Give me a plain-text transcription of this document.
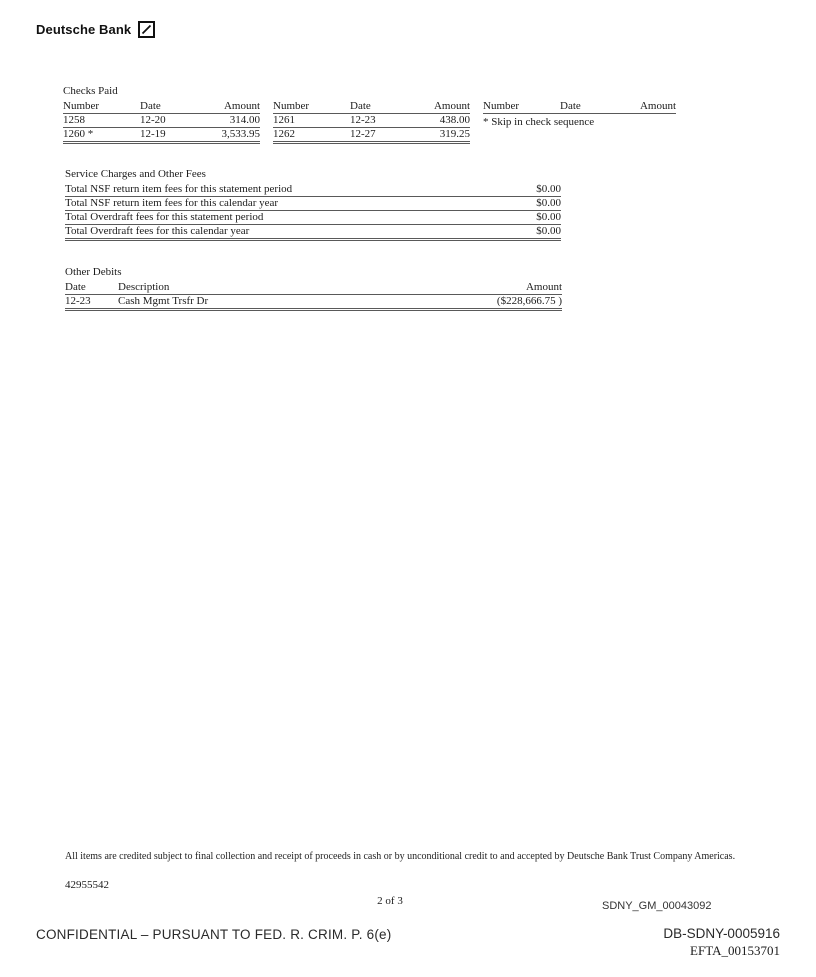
Deutsche Bank
Checks Paid
Number	Date	Amount
1258	12-20	314.00
1260 *	12-19	3,533.95
Number	Date	Amount
1261	12-23	438.00
1262	12-27	319.25
Number	Date	Amount
* Skip in check sequence
Service Charges and Other Fees
Total NSF return item fees for this statement period	$0.00
Total NSF return item fees for this calendar year	$0.00
Total Overdraft fees for this statement period	$0.00
Total Overdraft fees for this calendar year	$0.00
Other Debits
Date	Description	Amount
12-23	Cash Mgmt Trsfr Dr	($228,666.75 )
All items are credited subject to final collection and receipt of proceeds in cash or by unconditional credit to and accepted by Deutsche Bank Trust Company Americas.
42955542
2 of 3	SDNY_GM_00043092
CONFIDENTIAL – PURSUANT TO FED. R. CRIM. P. 6(e)	DB-SDNY-0005916
EFTA_00153701
